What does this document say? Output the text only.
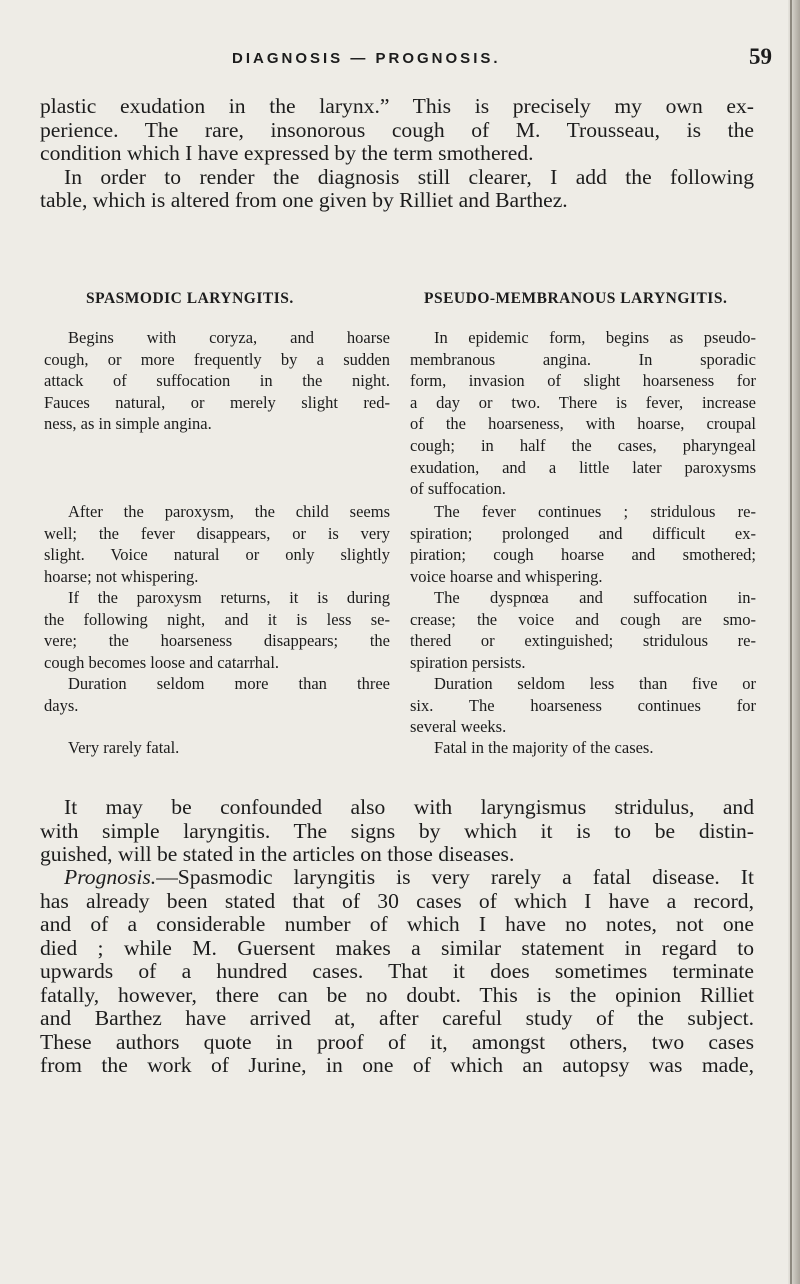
DIAGNOSIS — PROGNOSIS.	59
plastic exudation in the larynx.” This is precisely my own ex-
perience. The rare, insonorous cough of M. Trousseau, is the
condition which I have expressed by the term smothered.
In order to render the diagnosis still clearer, I add the following
table, which is altered from one given by Rilliet and Barthez.
SPASMODIC LARYNGITIS.	PSEUDO-MEMBRANOUS LARYNGITIS.
Begins with coryza, and hoarse
cough, or more frequently by a sudden
attack of suffocation in the night.
Fauces natural, or merely slight red-
ness, as in simple angina.
After the paroxysm, the child seems
well; the fever disappears, or is very
slight. Voice natural or only slightly
hoarse; not whispering.
If the paroxysm returns, it is during
the following night, and it is less se-
vere; the hoarseness disappears; the
cough becomes loose and catarrhal.
Duration seldom more than three
days.
Very rarely fatal.
In epidemic form, begins as pseudo-
membranous angina. In sporadic
form, invasion of slight hoarseness for
a day or two. There is fever, increase
of the hoarseness, with hoarse, croupal
cough; in half the cases, pharyngeal
exudation, and a little later paroxysms
of suffocation.
The fever continues ; stridulous re-
spiration; prolonged and difficult ex-
piration; cough hoarse and smothered;
voice hoarse and whispering.
The dyspnœa and suffocation in-
crease; the voice and cough are smo-
thered or extinguished; stridulous re-
spiration persists.
Duration seldom less than five or
six. The hoarseness continues for
several weeks.
Fatal in the majority of the cases.
It may be confounded also with laryngismus stridulus, and
with simple laryngitis. The signs by which it is to be distin-
guished, will be stated in the articles on those diseases.
Prognosis.—Spasmodic laryngitis is very rarely a fatal disease. It
has already been stated that of 30 cases of which I have a record,
and of a considerable number of which I have no notes, not one
died ; while M. Guersent makes a similar statement in regard to
upwards of a hundred cases. That it does sometimes terminate
fatally, however, there can be no doubt. This is the opinion Rilliet
and Barthez have arrived at, after careful study of the subject.
These authors quote in proof of it, amongst others, two cases
from the work of Jurine, in one of which an autopsy was made,
